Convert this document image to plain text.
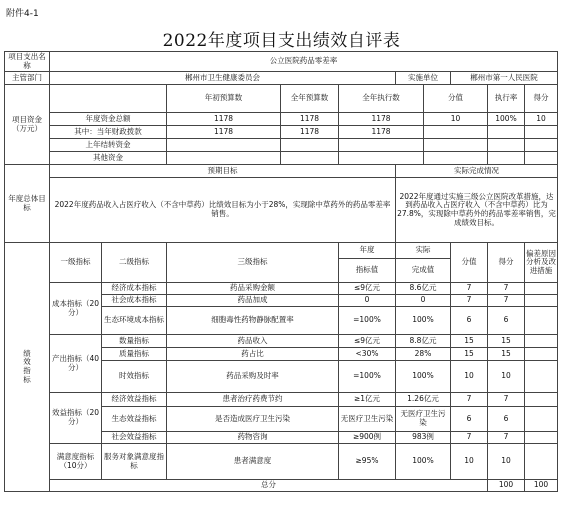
附件4-1
2022年度项目支出绩效自评表
项目支出名称	公立医院药品零差率										
主管部门	郴州市卫生健康委员会					实施单位		郴州市第一人民医院			
项目资金（万元）			年初预算数	全年预算数	全年执行数		分值		执行率	得分	
	年度资金总额		1178	1178	1178		10		100%	10	
	其中：当年财政拨款		1178	1178	1178						
	上年结转资金										
	其他资金										
年度总体目标	预期目标					实际完成情况					
	2022年度药品收入占医疗收入（不含中草药）比绩效目标为小于28%，实现除中草药外的药品零差率销售。					2022年度通过实施三级公立医院改革措施，达到药品收入占医疗收入（不含中草药）比为27.8%，实现除中草药外的药品零差率销售，完成绩效目标。					
绩
效
指
标	一级指标	二级指标	三级指标		年度	实际		分值	得分	偏差原因分析及改进措施	
					指标值	完成值					
	成本指标（20分）	经济成本指标	药品采购金额		≤9亿元	8.6亿元		7	7		
		社会成本指标	药品加成		0	0		7	7		
		生态环境成本指标	细胞毒性药物静脉配置率		=100%	100%		6	6		
	产出指标（40分）	数量指标	药品收入		≤9亿元	8.8亿元		15	15		
		质量指标	药占比		<30%	28%		15	15		
		时效指标	药品采购及时率		=100%	100%		10	10		
	效益指标（20分）	经济效益指标	患者治疗药费节约		≥1亿元	1.26亿元		7	7		
		生态效益指标	是否造成医疗卫生污染		无医疗卫生污染	无医疗卫生污染		6	6		
		社会效益指标	药物咨询		≥900例	983例		7	7		
	满意度指标（10分）	服务对象满意度指标	患者满意度		≥95%	100%		10	10		
	总分								100	100	
